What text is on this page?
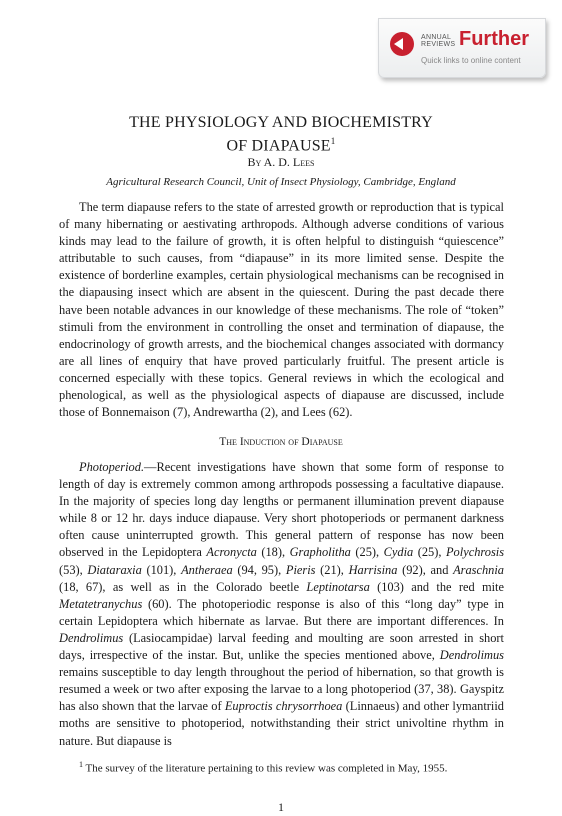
ANNUAL
REVIEWS Further
Quick links to online content
THE PHYSIOLOGY AND BIOCHEMISTRY
OF DIAPAUSE$^1$
By A. D. Lees
Agricultural Research Council, Unit of Insect Physiology, Cambridge, England

The term diapause refers to the state of arrested growth or reproduction that is typical of many hibernating or aestivating arthropods. Although adverse conditions of various kinds may lead to the failure of growth, it is often helpful to distinguish “quiescence” attributable to such causes, from “diapause” in its more limited sense. Despite the existence of borderline examples, certain physiological mechanisms can be recognised in the diapausing insect which are absent in the quiescent. During the past decade there have been notable advances in our knowledge of these mechanisms. The role of “token” stimuli from the environment in controlling the onset and termination of diapause, the endocrinology of growth arrests, and the biochemical changes associated with dormancy are all lines of enquiry that have proved particularly fruitful. The present article is concerned especially with these topics. General reviews in which the ecological and phenological, as well as the physiological aspects of diapause are discussed, include those of Bonnemaison (7), Andrewartha (2), and Lees (62).

The Induction of Diapause

Photoperiod.—Recent investigations have shown that some form of response to length of day is extremely common among arthropods possessing a facultative diapause. In the majority of species long day lengths or permanent illumination prevent diapause while 8 or 12 hr. days induce diapause. Very short photoperiods or permanent darkness often cause uninterrupted growth. This general pattern of response has now been observed in the Lepidoptera Acronycta (18), Grapholitha (25), Cydia (25), Polychrosis (53), Diataraxia (101), Antheraea (94, 95), Pieris (21), Harrisina (92), and Araschnia (18, 67), as well as in the Colorado beetle Leptinotarsa (103) and the red mite Metatetranychus (60). The photoperiodic response is also of this “long day” type in certain Lepidoptera which hibernate as larvae. But there are important differences. In Dendrolimus (Lasiocampidae) larval feeding and moulting are soon arrested in short days, irrespective of the instar. But, unlike the species mentioned above, Dendrolimus remains susceptible to day length throughout the period of hibernation, so that growth is resumed a week or two after exposing the larvae to a long photoperiod (37, 38). Gayspitz has also shown that the larvae of Euproctis chrysorrhoea (Linnaeus) and other lymantriid moths are sensitive to photoperiod, notwithstanding their strict univoltine rhythm in nature. But diapause is

$^1$ The survey of the literature pertaining to this review was completed in May, 1955.

1
